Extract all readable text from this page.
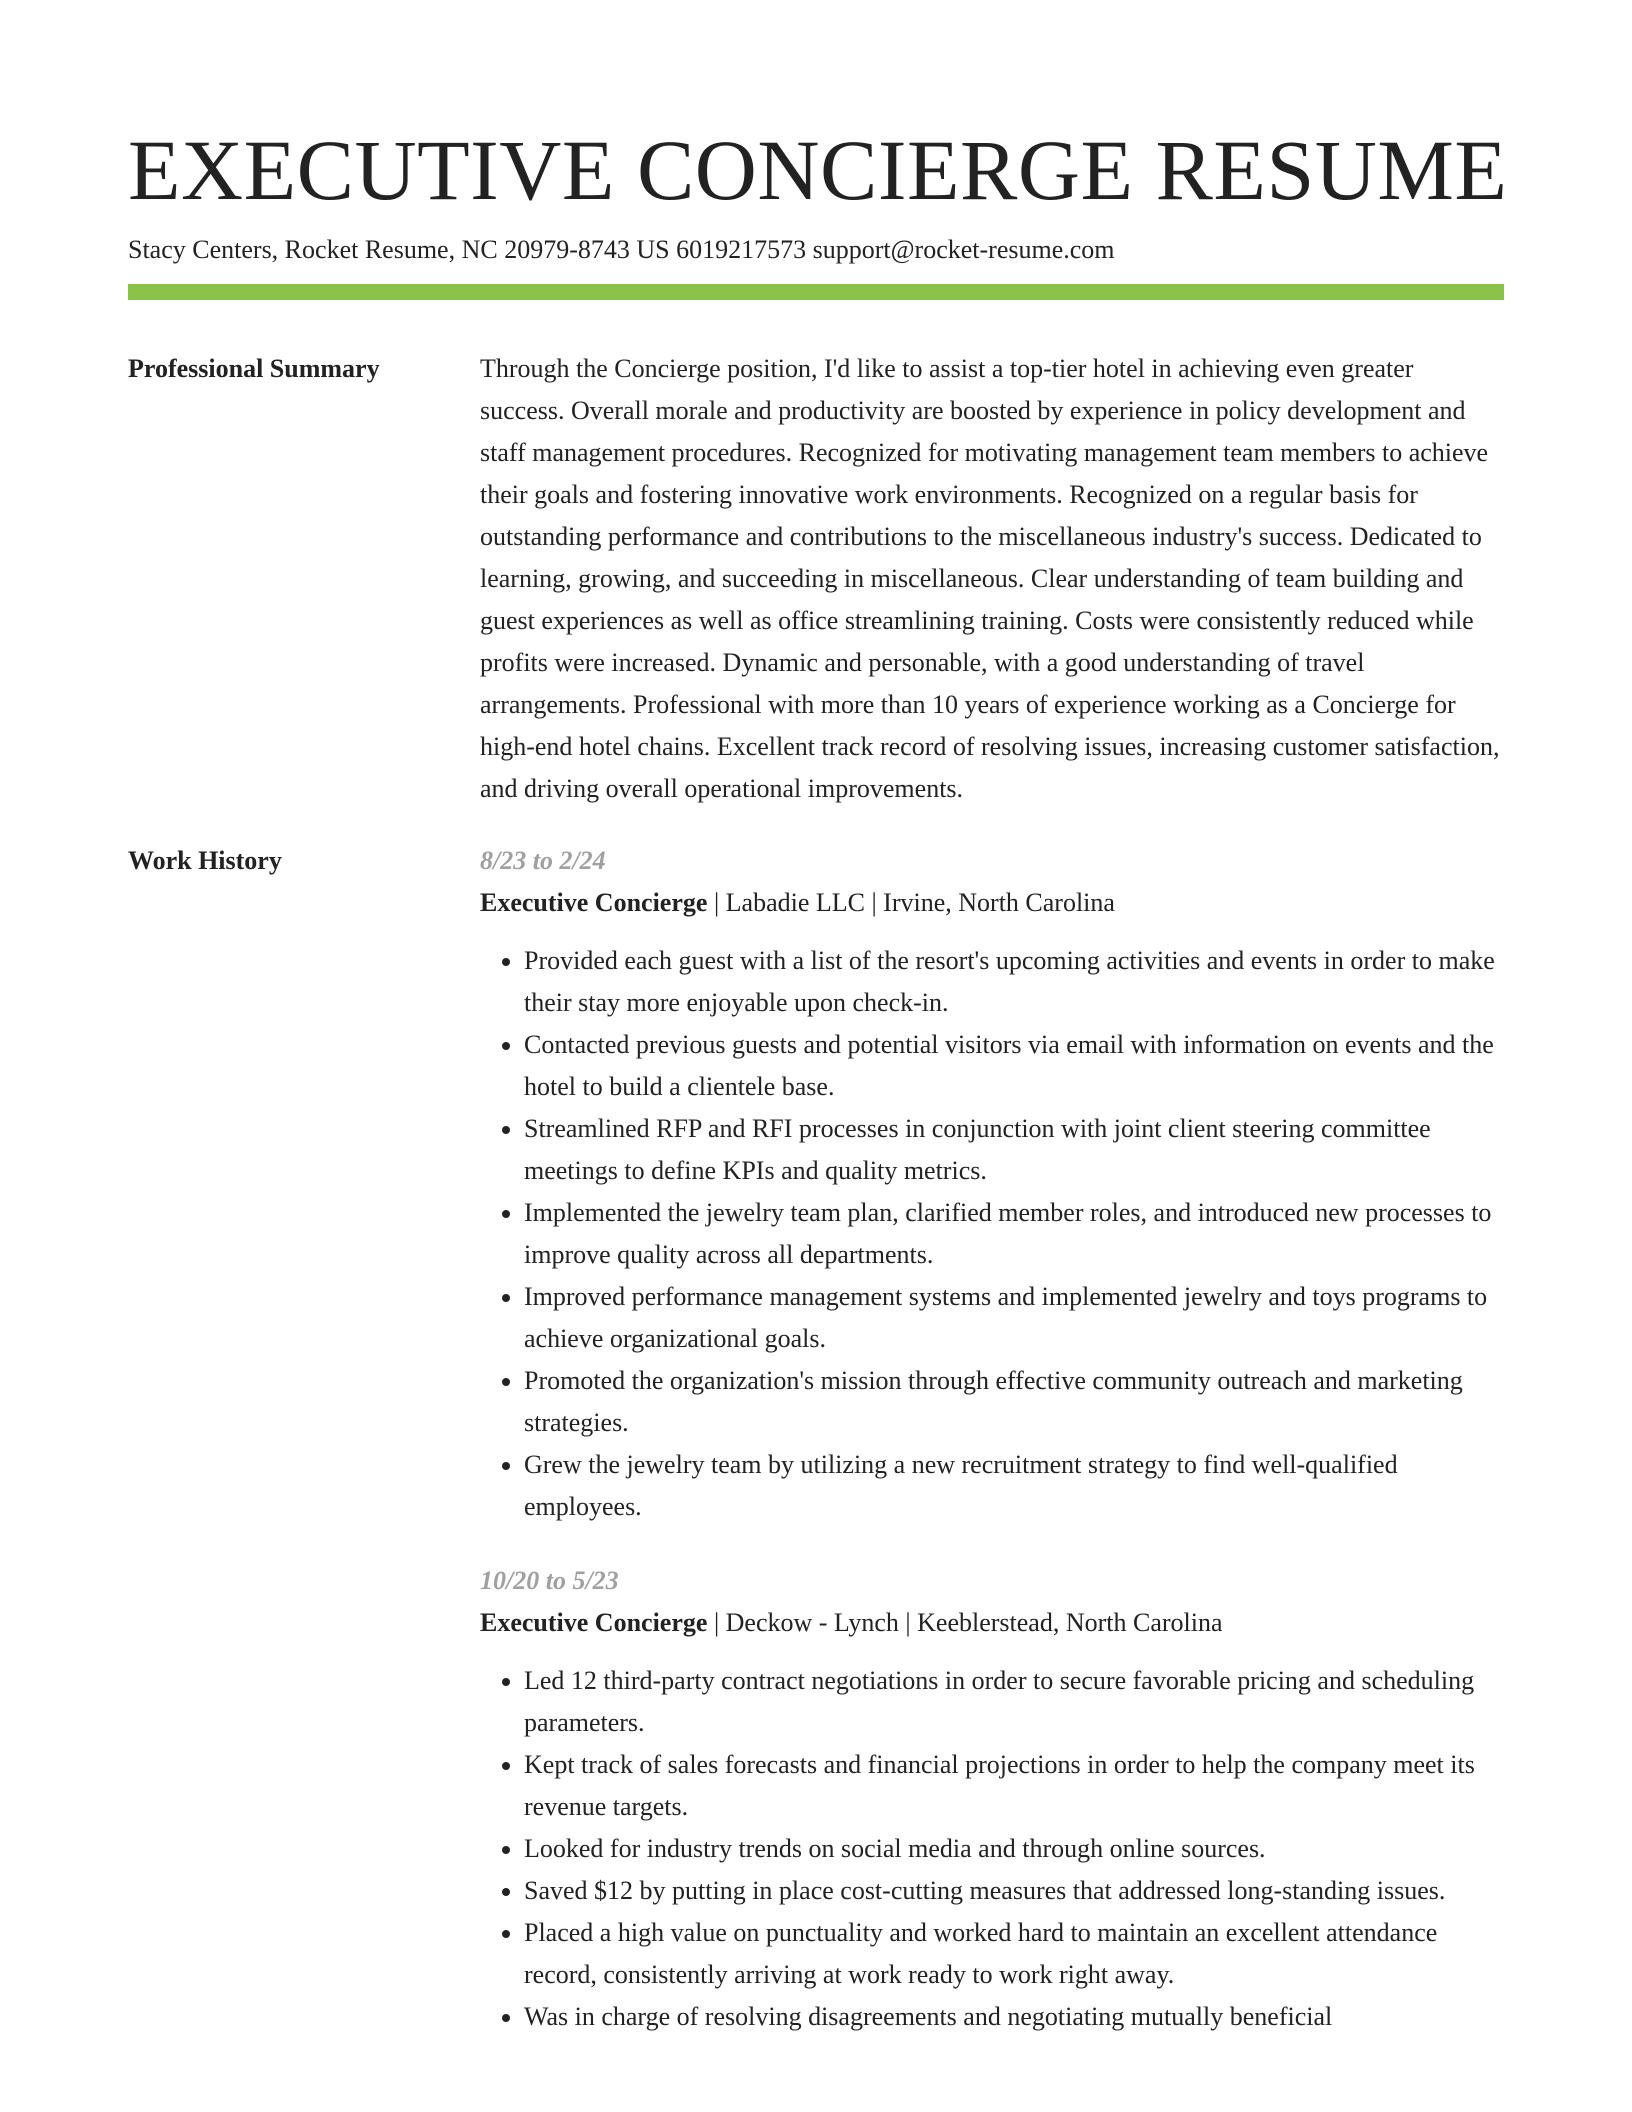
EXECUTIVE CONCIERGE RESUME
Stacy Centers, Rocket Resume, NC 20979-8743 US 6019217573 support@rocket-resume.com
Professional Summary	Through the Concierge position, I'd like to assist a top-tier hotel in achieving even greater success. Overall morale and productivity are boosted by experience in policy development and staff management procedures. Recognized for motivating management team members to achieve their goals and fostering innovative work environments. Recognized on a regular basis for outstanding performance and contributions to the miscellaneous industry's success. Dedicated to learning, growing, and succeeding in miscellaneous. Clear understanding of team building and guest experiences as well as office streamlining training. Costs were consistently reduced while profits were increased. Dynamic and personable, with a good understanding of travel arrangements. Professional with more than 10 years of experience working as a Concierge for high-end hotel chains. Excellent track record of resolving issues, increasing customer satisfaction, and driving overall operational improvements.

Work History	8/23 to 2/24
Executive Concierge | Labadie LLC | Irvine, North Carolina
• Provided each guest with a list of the resort's upcoming activities and events in order to make their stay more enjoyable upon check-in.
• Contacted previous guests and potential visitors via email with information on events and the hotel to build a clientele base.
• Streamlined RFP and RFI processes in conjunction with joint client steering committee meetings to define KPIs and quality metrics.
• Implemented the jewelry team plan, clarified member roles, and introduced new processes to improve quality across all departments.
• Improved performance management systems and implemented jewelry and toys programs to achieve organizational goals.
• Promoted the organization's mission through effective community outreach and marketing strategies.
• Grew the jewelry team by utilizing a new recruitment strategy to find well-qualified employees.
10/20 to 5/23
Executive Concierge | Deckow - Lynch | Keeblerstead, North Carolina
• Led 12 third-party contract negotiations in order to secure favorable pricing and scheduling parameters.
• Kept track of sales forecasts and financial projections in order to help the company meet its revenue targets.
• Looked for industry trends on social media and through online sources.
• Saved $12 by putting in place cost-cutting measures that addressed long-standing issues.
• Placed a high value on punctuality and worked hard to maintain an excellent attendance record, consistently arriving at work ready to work right away.
• Was in charge of resolving disagreements and negotiating mutually beneficial
